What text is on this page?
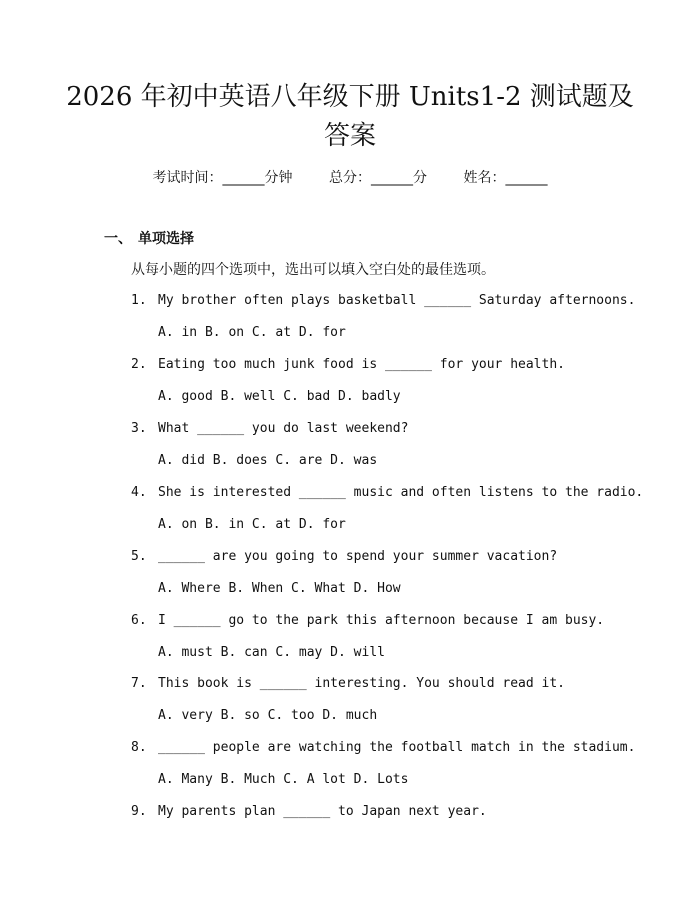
2026 年初中英语八年级下册 Units1-2 测试题及答案
考试时间：______分钟	总分：______分	姓名：______
一、 单项选择
从每小题的四个选项中，选出可以填入空白处的最佳选项。
1. My brother often plays basketball ______ Saturday afternoons.
A. in B. on C. at D. for
2. Eating too much junk food is ______ for your health.
A. good B. well C. bad D. badly
3. What ______ you do last weekend?
A. did B. does C. are D. was
4. She is interested ______ music and often listens to the radio.
A. on B. in C. at D. for
5. ______ are you going to spend your summer vacation?
A. Where B. When C. What D. How
6. I ______ go to the park this afternoon because I am busy.
A. must B. can C. may D. will
7. This book is ______ interesting. You should read it.
A. very B. so C. too D. much
8. ______ people are watching the football match in the stadium.
A. Many B. Much C. A lot D. Lots
9. My parents plan ______ to Japan next year.
